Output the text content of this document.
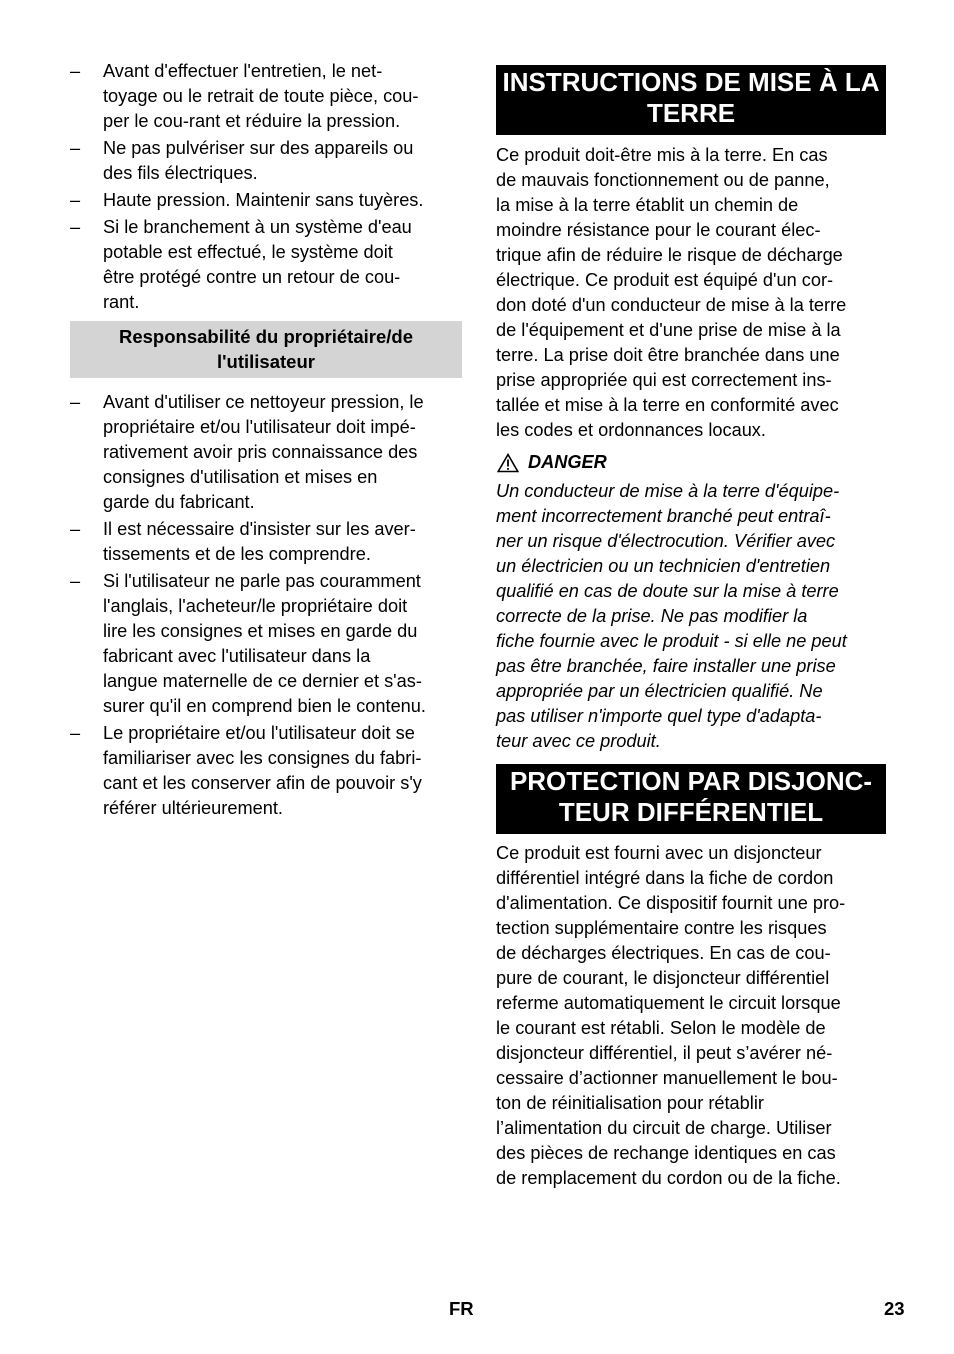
– Avant d'effectuer l'entretien, le net-
toyage ou le retrait de toute pièce, cou-
per le cou-rant et réduire la pression.
– Ne pas pulvériser sur des appareils ou
des fils électriques.
– Haute pression. Maintenir sans tuyères.
– Si le branchement à un système d'eau
potable est effectué, le système doit
être protégé contre un retour de cou-
rant.
Responsabilité du propriétaire/de l'utilisateur
– Avant d'utiliser ce nettoyeur pression, le
propriétaire et/ou l'utilisateur doit impé-
rativement avoir pris connaissance des
consignes d'utilisation et mises en
garde du fabricant.
– Il est nécessaire d'insister sur les aver-
tissements et de les comprendre.
– Si l'utilisateur ne parle pas couramment
l'anglais, l'acheteur/le propriétaire doit
lire les consignes et mises en garde du
fabricant avec l'utilisateur dans la
langue maternelle de ce dernier et s'as-
surer qu'il en comprend bien le contenu.
– Le propriétaire et/ou l'utilisateur doit se
familiariser avec les consignes du fabri-
cant et les conserver afin de pouvoir s'y
référer ultérieurement.
INSTRUCTIONS DE MISE À LA TERRE

Ce produit doit-être mis à la terre. En cas
de mauvais fonctionnement ou de panne,
la mise à la terre établit un chemin de
moindre résistance pour le courant élec-
trique afin de réduire le risque de décharge
électrique. Ce produit est équipé d'un cor-
don doté d'un conducteur de mise à la terre
de l'équipement et d'une prise de mise à la
terre. La prise doit être branchée dans une
prise appropriée qui est correctement ins-
tallée et mise à la terre en conformité avec
les codes et ordonnances locaux.

DANGER

Un conducteur de mise à la terre d'équipe-
ment incorrectement branché peut entraî-
ner un risque d'électrocution. Vérifier avec
un électricien ou un technicien d'entretien
qualifié en cas de doute sur la mise à terre
correcte de la prise. Ne pas modifier la
fiche fournie avec le produit - si elle ne peut
pas être branchée, faire installer une prise
appropriée par un électricien qualifié. Ne
pas utiliser n'importe quel type d'adapta-
teur avec ce produit.

PROTECTION PAR DISJONC-
TEUR DIFFÉRENTIEL

Ce produit est fourni avec un disjoncteur
différentiel intégré dans la fiche de cordon
d'alimentation. Ce dispositif fournit une pro-
tection supplémentaire contre les risques
de décharges électriques. En cas de cou-
pure de courant, le disjoncteur différentiel
referme automatiquement le circuit lorsque
le courant est rétabli. Selon le modèle de
disjoncteur différentiel, il peut s’avérer né-
cessaire d’actionner manuellement le bou-
ton de réinitialisation pour rétablir
l’alimentation du circuit de charge. Utiliser
des pièces de rechange identiques en cas
de remplacement du cordon ou de la fiche.

FR	23
